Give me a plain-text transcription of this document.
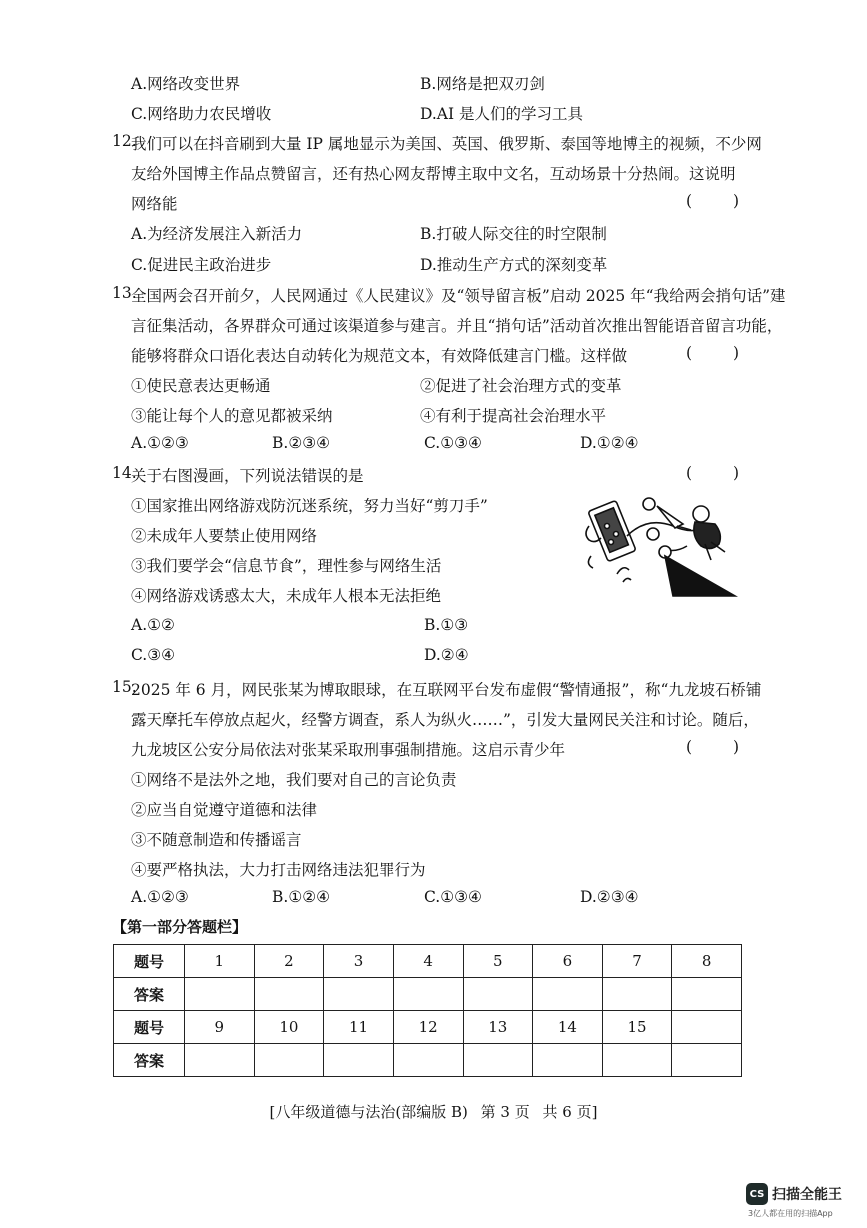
A.网络改变世界	B.网络是把双刃剑
C.网络助力农民增收	D.AI 是人们的学习工具
12.
我们可以在抖音刷到大量 IP 属地显示为美国、英国、俄罗斯、泰国等地博主的视频，不少网
友给外国博主作品点赞留言，还有热心网友帮博主取中文名，互动场景十分热闹。这说明
网络能	( )
A.为经济发展注入新活力	B.打破人际交往的时空限制
C.促进民主政治进步	D.推动生产方式的深刻变革
13.
全国两会召开前夕，人民网通过《人民建议》及“领导留言板”启动 2025 年“我给两会捎句话”建
言征集活动，各界群众可通过该渠道参与建言。并且“捎句话”活动首次推出智能语音留言功能，
能够将群众口语化表达自动转化为规范文本，有效降低建言门槛。这样做	( )
①使民意表达更畅通	②促进了社会治理方式的变革
③能让每个人的意见都被采纳	④有利于提高社会治理水平
A.①②③	B.②③④	C.①③④	D.①②④
14.
关于右图漫画，下列说法错误的是	( )
①国家推出网络游戏防沉迷系统，努力当好“剪刀手”
②未成年人要禁止使用网络
③我们要学会“信息节食”，理性参与网络生活
④网络游戏诱惑太大，未成年人根本无法拒绝
A.①②	B.①③
C.③④	D.②④
15.
2025 年 6 月，网民张某为博取眼球，在互联网平台发布虚假“警情通报”，称“九龙坡石桥铺
露天摩托车停放点起火，经警方调查，系人为纵火……”，引发大量网民关注和讨论。随后，
九龙坡区公安分局依法对张某采取刑事强制措施。这启示青少年	( )
①网络不是法外之地，我们要对自己的言论负责
②应当自觉遵守道德和法律
③不随意制造和传播谣言
④要严格执法，大力打击网络违法犯罪行为
A.①②③	B.①②④	C.①③④	D.②③④
【第一部分答题栏】
题号	1	2	3	4	5	6	7	8
答案								
题号	9	10	11	12	13	14	15	
答案								
[八年级道德与法治(部编版 B) 第 3 页 共 6 页]
CS 扫描全能王
3亿人都在用的扫描App
